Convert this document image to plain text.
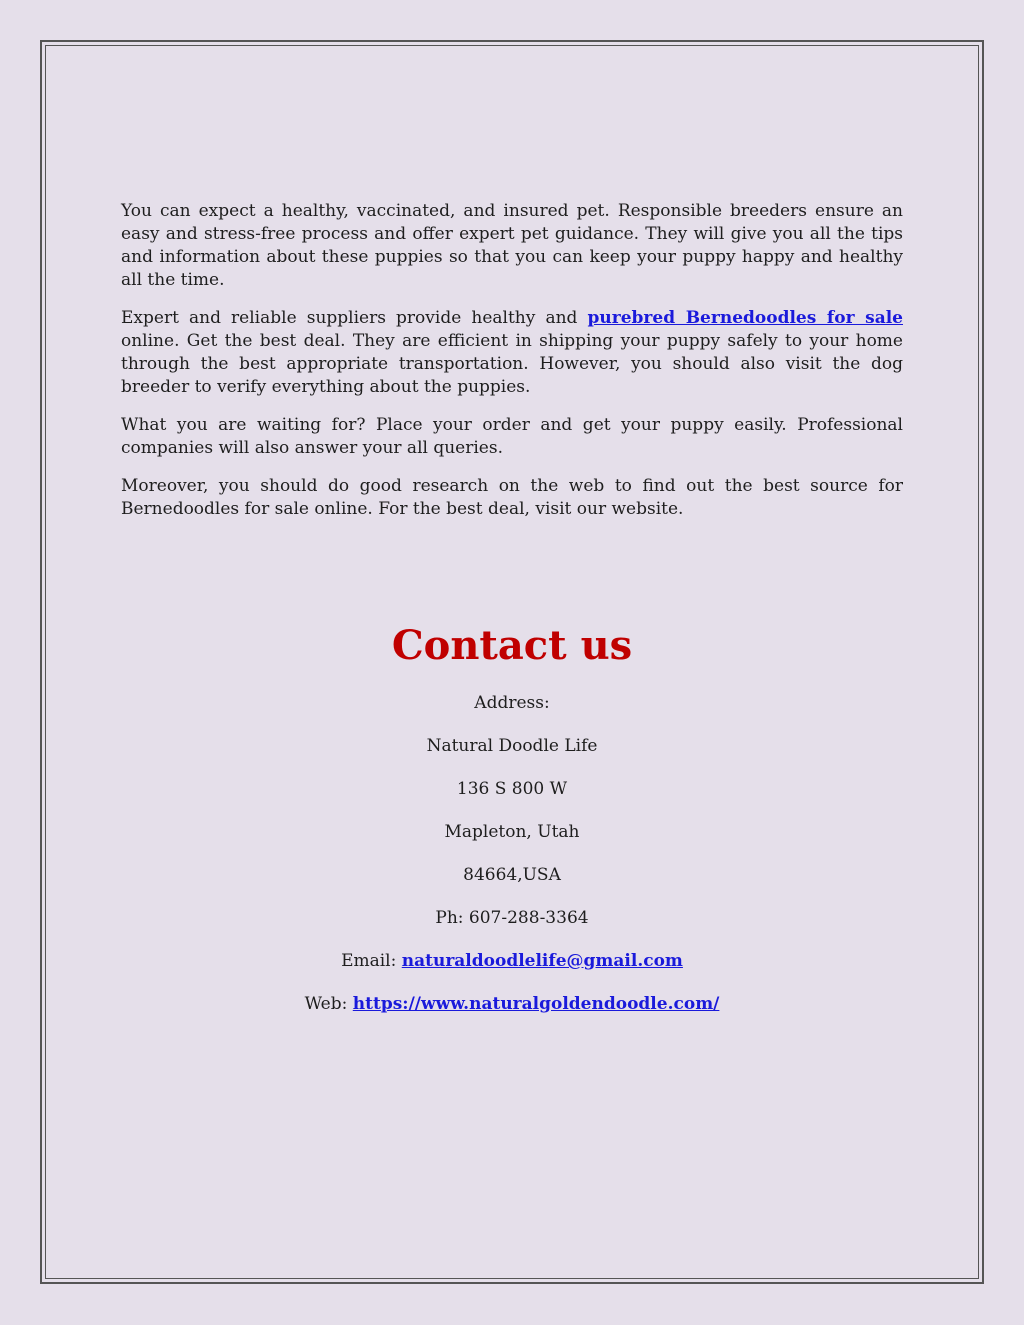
You can expect a healthy, vaccinated, and insured pet. Responsible breeders ensure an easy and stress-free process and offer expert pet guidance. They will give you all the tips and information about these puppies so that you can keep your puppy happy and healthy all the time.

Expert and reliable suppliers provide healthy and purebred Bernedoodles for sale online. Get the best deal. They are efficient in shipping your puppy safely to your home through the best appropriate transportation. However, you should also visit the dog breeder to verify everything about the puppies.

What you are waiting for? Place your order and get your puppy easily. Professional companies will also answer your all queries.

Moreover, you should do good research on the web to find out the best source for Bernedoodles for sale online. For the best deal, visit our website.

Contact us

Address:

Natural Doodle Life

136 S 800 W

Mapleton, Utah

84664,USA

Ph: 607-288-3364

Email: naturaldoodlelife@gmail.com

Web: https://www.naturalgoldendoodle.com/
